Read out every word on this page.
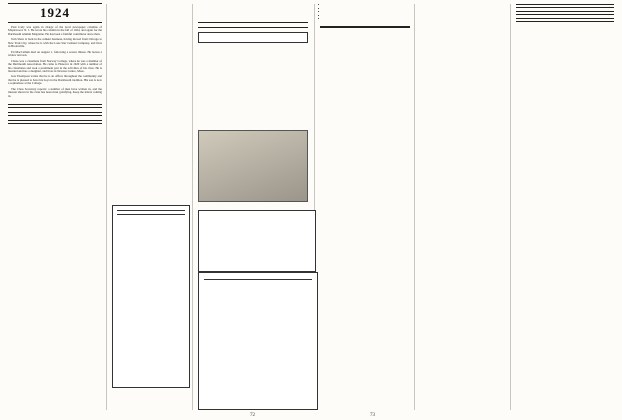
1924

Paul Cady was again in charge of the local newspaper columns of Maplewood. N. J. He wrote his column in the fall of 1924, and again for the Dartmouth Alumni Magazine. He has been a faithful contributor since then.

Tom Shaw is back in the cement business, having moved from Chicago to New York City, where he is with the Lone Star Cement Company, and lives in Bronxville.

Ed MacCallum died on August 1, following a severe illness. He leaves a widow and son.

Chase was a classmate from Norway College, where he was a member of the Dartmouth Association. He came to Hanover in 1920 with a number of his classmates and took a prominent part in the activities of his class. He is married and has a daughter, and lives in Newton Centre, Mass.

Gus Thompson writes that he is an officer throughout the community and that he is pleased to have his boys in the Dartmouth tradition. His son is now a sophomore at the College.

The Class Secretary reports: a number of men have written in, and the interest shown in the class has been most gratifying. Keep the letters coming in.

•
•
•
•
•

72	73
